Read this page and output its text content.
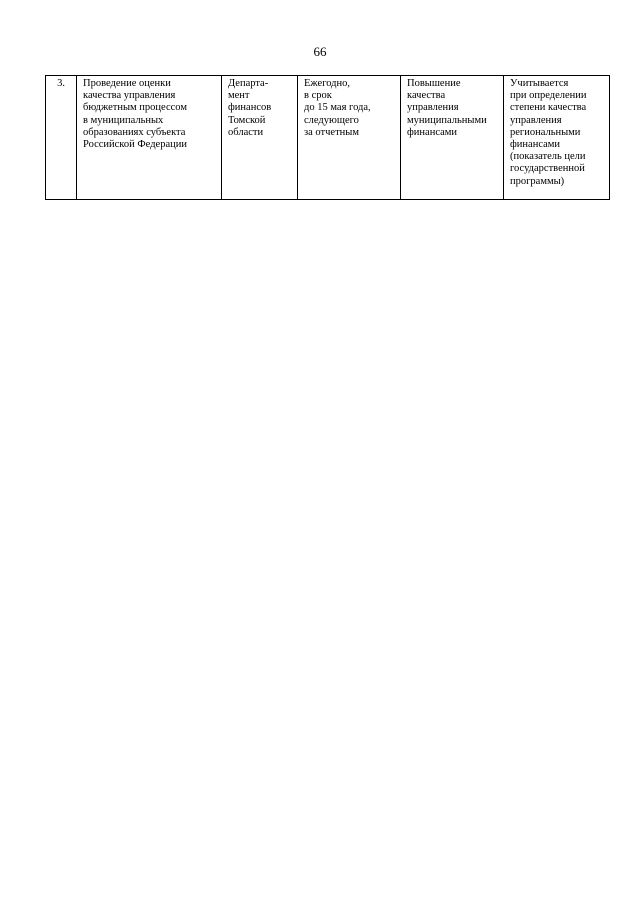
66
3.	Проведение оценки
качества управления
бюджетным процессом
в муниципальных
образованиях субъекта
Российской Федерации	Департа-
мент
финансов
Томской
области	Ежегодно,
в срок
до 15 мая года,
следующего
за отчетным	Повышение
качества
управления
муниципальными
финансами	Учитывается
при определении
степени качества
управления
региональными
финансами
(показатель цели
государственной
программы)
